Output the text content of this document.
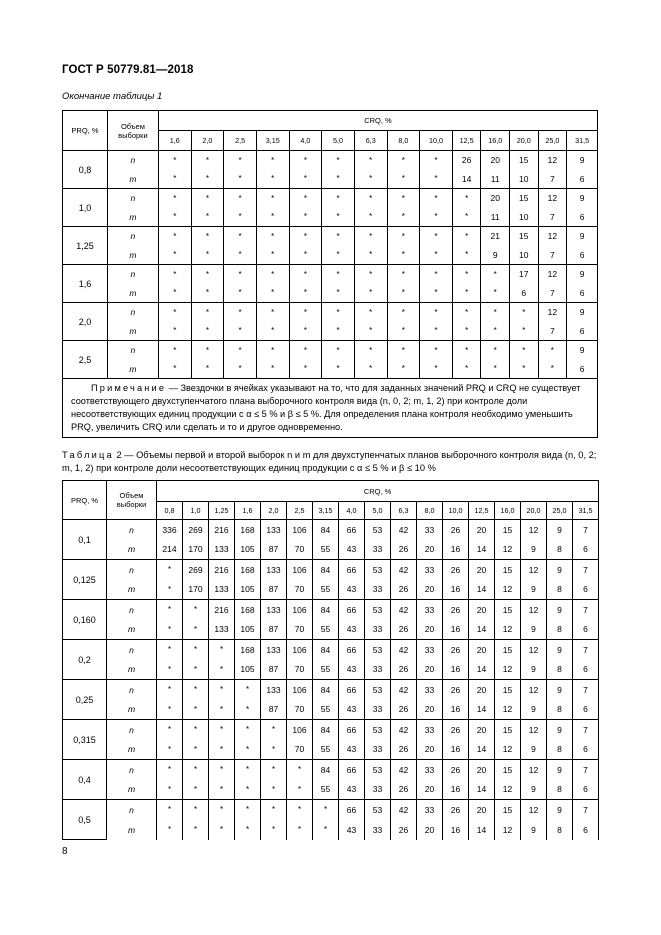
ГОСТ Р 50779.81—2018
Окончание таблицы 1
PRQ, %	Объем выборки	CRQ, %													
		1,6	2,0	2,5	3,15	4,0	5,0	6,3	8,0	10,0	12,5	16,0	20,0	25,0	31,5
0,8	n	*	*	*	*	*	*	*	*	*	26	20	15	12	9
	m	*	*	*	*	*	*	*	*	*	14	11	10	7	6
1,0	n	*	*	*	*	*	*	*	*	*	*	20	15	12	9
	m	*	*	*	*	*	*	*	*	*	*	11	10	7	6
1,25	n	*	*	*	*	*	*	*	*	*	*	21	15	12	9
	m	*	*	*	*	*	*	*	*	*	*	9	10	7	6
1,6	n	*	*	*	*	*	*	*	*	*	*	*	17	12	9
	m	*	*	*	*	*	*	*	*	*	*	*	6	7	6
2,0	n	*	*	*	*	*	*	*	*	*	*	*	*	12	9
	m	*	*	*	*	*	*	*	*	*	*	*	*	7	6
2,5	n	*	*	*	*	*	*	*	*	*	*	*	*	*	9
	m	*	*	*	*	*	*	*	*	*	*	*	*	*	6
Примечание — Звездочки в ячейках указывают на то, что для заданных значений PRQ и CRQ не существует соответствующего двухступенчатого плана выборочного контроля вида (n, 0, 2; m, 1, 2) при контроле доли несоответствующих единиц продукции с α ≤ 5 % и β ≤ 5 %. Для определения плана контроля необходимо уменьшить PRQ, увеличить CRQ или сделать и то и другое одновременно.															
Таблица 2 — Объемы первой и второй выборок n и m для двухступенчатых планов выборочного контроля вида (n, 0, 2; m, 1, 2) при контроле доли несоответствующих единиц продукции с α ≤ 5 % и β ≤ 10 %
PRQ, %	Объем выборки	CRQ, %																
		0,8	1,0	1,25	1,6	2,0	2,5	3,15	4,0	5,0	6,3	8,0	10,0	12,5	16,0	20,0	25,0	31,5
0,1	n	336	269	216	168	133	106	84	66	53	42	33	26	20	15	12	9	7
	m	214	170	133	105	87	70	55	43	33	26	20	16	14	12	9	8	6
0,125	n	*	269	216	168	133	106	84	66	53	42	33	26	20	15	12	9	7
	m	*	170	133	105	87	70	55	43	33	26	20	16	14	12	9	8	6
0,160	n	*	*	216	168	133	106	84	66	53	42	33	26	20	15	12	9	7
	m	*	*	133	105	87	70	55	43	33	26	20	16	14	12	9	8	6
0,2	n	*	*	*	168	133	106	84	66	53	42	33	26	20	15	12	9	7
	m	*	*	*	105	87	70	55	43	33	26	20	16	14	12	9	8	6
0,25	n	*	*	*	*	133	106	84	66	53	42	33	26	20	15	12	9	7
	m	*	*	*	*	87	70	55	43	33	26	20	16	14	12	9	8	6
0,315	n	*	*	*	*	*	106	84	66	53	42	33	26	20	15	12	9	7
	m	*	*	*	*	*	70	55	43	33	26	20	16	14	12	9	8	6
0,4	n	*	*	*	*	*	*	84	66	53	42	33	26	20	15	12	9	7
	m	*	*	*	*	*	*	55	43	33	26	20	16	14	12	9	8	6
0,5	n	*	*	*	*	*	*	*	66	53	42	33	26	20	15	12	9	7
	m	*	*	*	*	*	*	*	43	33	26	20	16	14	12	9	8	6
8
